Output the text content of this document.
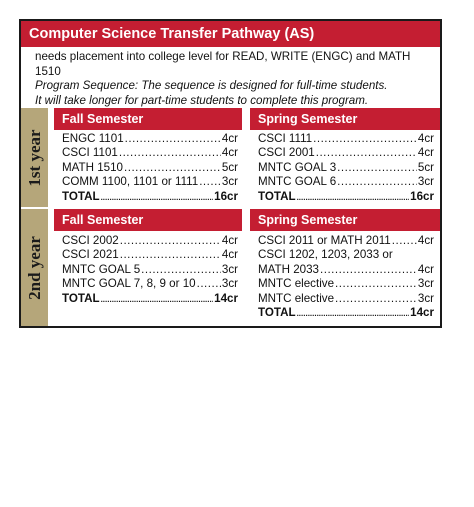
Computer Science Transfer Pathway (AS)
needs placement into college level for READ, WRITE (ENGC) and MATH 1510
Program Sequence: The sequence is designed for full-time students.
It will take longer for part-time students to complete this program.
1st year
2nd year
Fall Semester	Spring Semester
ENGC 1101 .....	4cr
CSCI 1101 .....	4cr
MATH 1510 .....	5cr
COMM 1100, 1101 or 1111 ..... 3cr
TOTAL .....	16cr
CSCI 1111 .....	4cr
CSCI 2001 .....	4cr
MNTC GOAL 3 .....	5cr
MNTC GOAL 6 .....	3cr
TOTAL .....	16cr
Fall Semester	Spring Semester
CSCI 2002 .....	4cr
CSCI 2021 .....	4cr
MNTC GOAL 5 .....	3cr
MNTC GOAL 7, 8, 9 or 10 ..... 3cr
TOTAL .....	14cr
CSCI 2011 or MATH 2011 ..... 4cr
CSCI 1202, 1203, 2033 or
MATH 2033 .....	4cr
MNTC elective .....	3cr
MNTC elective .....	3cr
TOTAL .....	14cr
